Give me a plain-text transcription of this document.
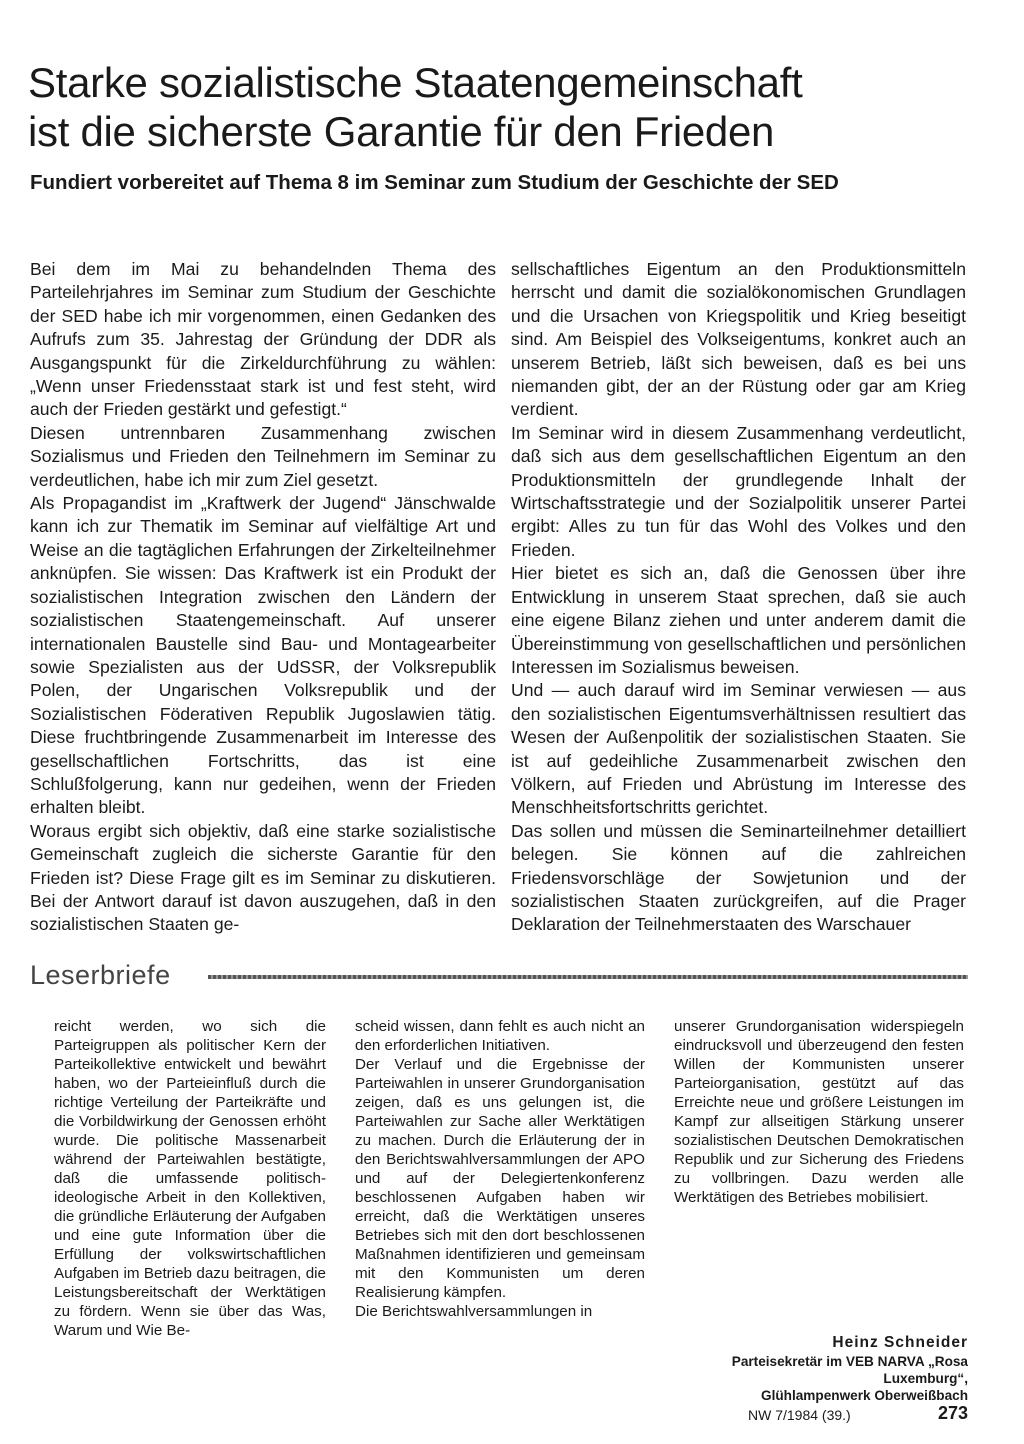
Starke sozialistische Staatengemeinschaft
ist die sicherste Garantie für den Frieden

Fundiert vorbereitet auf Thema 8 im Seminar zum Studium der Geschichte der SED

Bei dem im Mai zu behandelnden Thema des Parteilehrjahres im Seminar zum Studium der Geschichte der SED habe ich mir vorgenommen, einen Gedanken des Aufrufs zum 35. Jahrestag der Gründung der DDR als Ausgangspunkt für die Zirkeldurchführung zu wählen: „Wenn unser Friedensstaat stark ist und fest steht, wird auch der Frieden gestärkt und gefestigt.“

Diesen untrennbaren Zusammenhang zwischen Sozialismus und Frieden den Teilnehmern im Seminar zu verdeutlichen, habe ich mir zum Ziel gesetzt.

Als Propagandist im „Kraftwerk der Jugend“ Jänschwalde kann ich zur Thematik im Seminar auf vielfältige Art und Weise an die tagtäglichen Erfahrungen der Zirkelteilnehmer anknüpfen. Sie wissen: Das Kraftwerk ist ein Produkt der sozialistischen Integration zwischen den Ländern der sozialistischen Staatengemeinschaft. Auf unserer internationalen Baustelle sind Bau- und Montagearbeiter sowie Spezialisten aus der UdSSR, der Volksrepublik Polen, der Ungarischen Volksrepublik und der Sozialistischen Föderativen Republik Jugoslawien tätig. Diese fruchtbringende Zusammenarbeit im Interesse des gesellschaftlichen Fortschritts, das ist eine Schlußfolgerung, kann nur gedeihen, wenn der Frieden erhalten bleibt.

Woraus ergibt sich objektiv, daß eine starke sozialistische Gemeinschaft zugleich die sicherste Garantie für den Frieden ist? Diese Frage gilt es im Seminar zu diskutieren. Bei der Antwort darauf ist davon auszugehen, daß in den sozialistischen Staaten ge-

sellschaftliches Eigentum an den Produktionsmitteln herrscht und damit die sozialökonomischen Grundlagen und die Ursachen von Kriegspolitik und Krieg beseitigt sind. Am Beispiel des Volkseigentums, konkret auch an unserem Betrieb, läßt sich beweisen, daß es bei uns niemanden gibt, der an der Rüstung oder gar am Krieg verdient.

Im Seminar wird in diesem Zusammenhang verdeutlicht, daß sich aus dem gesellschaftlichen Eigentum an den Produktionsmitteln der grundlegende Inhalt der Wirtschaftsstrategie und der Sozialpolitik unserer Partei ergibt: Alles zu tun für das Wohl des Volkes und den Frieden.

Hier bietet es sich an, daß die Genossen über ihre Entwicklung in unserem Staat sprechen, daß sie auch eine eigene Bilanz ziehen und unter anderem damit die Übereinstimmung von gesellschaftlichen und persönlichen Interessen im Sozialismus beweisen.

Und — auch darauf wird im Seminar verwiesen — aus den sozialistischen Eigentumsverhältnissen resultiert das Wesen der Außenpolitik der sozialistischen Staaten. Sie ist auf gedeihliche Zusammenarbeit zwischen den Völkern, auf Frieden und Abrüstung im Interesse des Menschheitsfortschritts gerichtet.

Das sollen und müssen die Seminarteilnehmer detailliert belegen. Sie können auf die zahlreichen Friedensvorschläge der Sowjetunion und der sozialistischen Staaten zurückgreifen, auf die Prager Deklaration der Teilnehmerstaaten des Warschauer

Leserbriefe

reicht werden, wo sich die Parteigruppen als politischer Kern der Parteikollektive entwickelt und bewährt haben, wo der Parteieinfluß durch die richtige Verteilung der Parteikräfte und die Vorbildwirkung der Genossen erhöht wurde. Die politische Massenarbeit während der Parteiwahlen bestätigte, daß die umfassende politisch-ideologische Arbeit in den Kollektiven, die gründliche Erläuterung der Aufgaben und eine gute Information über die Erfüllung der volkswirtschaftlichen Aufgaben im Betrieb dazu beitragen, die Leistungsbereitschaft der Werktätigen zu fördern. Wenn sie über das Was, Warum und Wie Be-

scheid wissen, dann fehlt es auch nicht an den erforderlichen Initiativen.

Der Verlauf und die Ergebnisse der Parteiwahlen in unserer Grundorganisation zeigen, daß es uns gelungen ist, die Parteiwahlen zur Sache aller Werktätigen zu machen. Durch die Erläuterung der in den Berichtswahlversammlungen der APO und auf der Delegiertenkonferenz beschlossenen Aufgaben haben wir erreicht, daß die Werktätigen unseres Betriebes sich mit den dort beschlossenen Maßnahmen identifizieren und gemeinsam mit den Kommunisten um deren Realisierung kämpfen.

Die Berichtswahlversammlungen in

unserer Grundorganisation widerspiegeln eindrucksvoll und überzeugend den festen Willen der Kommunisten unserer Parteiorganisation, gestützt auf das Erreichte neue und größere Leistungen im Kampf zur allseitigen Stärkung unserer sozialistischen Deutschen Demokratischen Republik und zur Sicherung des Friedens zu vollbringen. Dazu werden alle Werktätigen des Betriebes mobilisiert.

Heinz Schneider
Parteisekretär im VEB NARVA „Rosa
Luxemburg“,
Glühlampenwerk Oberweißbach
NW 7/1984 (39.)	273
